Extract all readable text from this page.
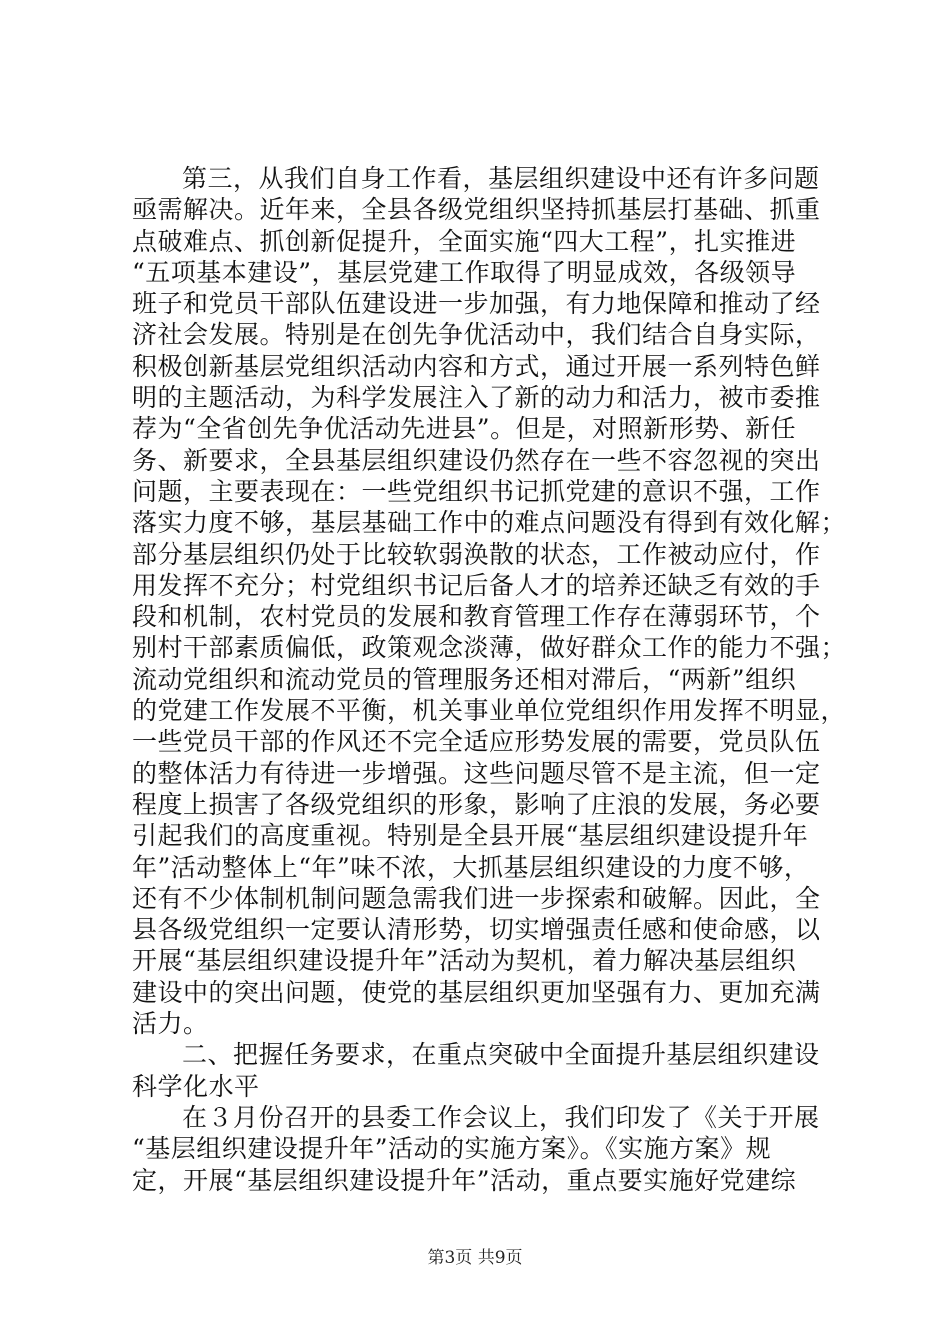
第三，从我们自身工作看，基层组织建设中还有许多问题
亟需解决。近年来，全县各级党组织坚持抓基层打基础、抓重
点破难点、抓创新促提升，全面实施“四大工程”，扎实推进
“五项基本建设”，基层党建工作取得了明显成效，各级领导
班子和党员干部队伍建设进一步加强，有力地保障和推动了经
济社会发展。特别是在创先争优活动中，我们结合自身实际，
积极创新基层党组织活动内容和方式，通过开展一系列特色鲜
明的主题活动，为科学发展注入了新的动力和活力，被市委推
荐为“全省创先争优活动先进县”。但是，对照新形势、新任
务、新要求，全县基层组织建设仍然存在一些不容忽视的突出
问题，主要表现在：一些党组织书记抓党建的意识不强，工作
落实力度不够，基层基础工作中的难点问题没有得到有效化解；
部分基层组织仍处于比较软弱涣散的状态，工作被动应付，作
用发挥不充分；村党组织书记后备人才的培养还缺乏有效的手
段和机制，农村党员的发展和教育管理工作存在薄弱环节，个
别村干部素质偏低，政策观念淡薄，做好群众工作的能力不强；
流动党组织和流动党员的管理服务还相对滞后，“两新”组织
的党建工作发展不平衡，机关事业单位党组织作用发挥不明显，
一些党员干部的作风还不完全适应形势发展的需要，党员队伍
的整体活力有待进一步增强。这些问题尽管不是主流，但一定
程度上损害了各级党组织的形象，影响了庄浪的发展，务必要
引起我们的高度重视。特别是全县开展“基层组织建设提升年
年”活动整体上“年”味不浓，大抓基层组织建设的力度不够，
还有不少体制机制问题急需我们进一步探索和破解。因此，全
县各级党组织一定要认清形势，切实增强责任感和使命感，以
开展“基层组织建设提升年”活动为契机，着力解决基层组织
建设中的突出问题，使党的基层组织更加坚强有力、更加充满
活力。
二、把握任务要求，在重点突破中全面提升基层组织建设
科学化水平
在３月份召开的县委工作会议上，我们印发了《关于开展
“基层组织建设提升年”活动的实施方案》。《实施方案》规
定，开展“基层组织建设提升年”活动，重点要实施好党建综
第3页 共9页
